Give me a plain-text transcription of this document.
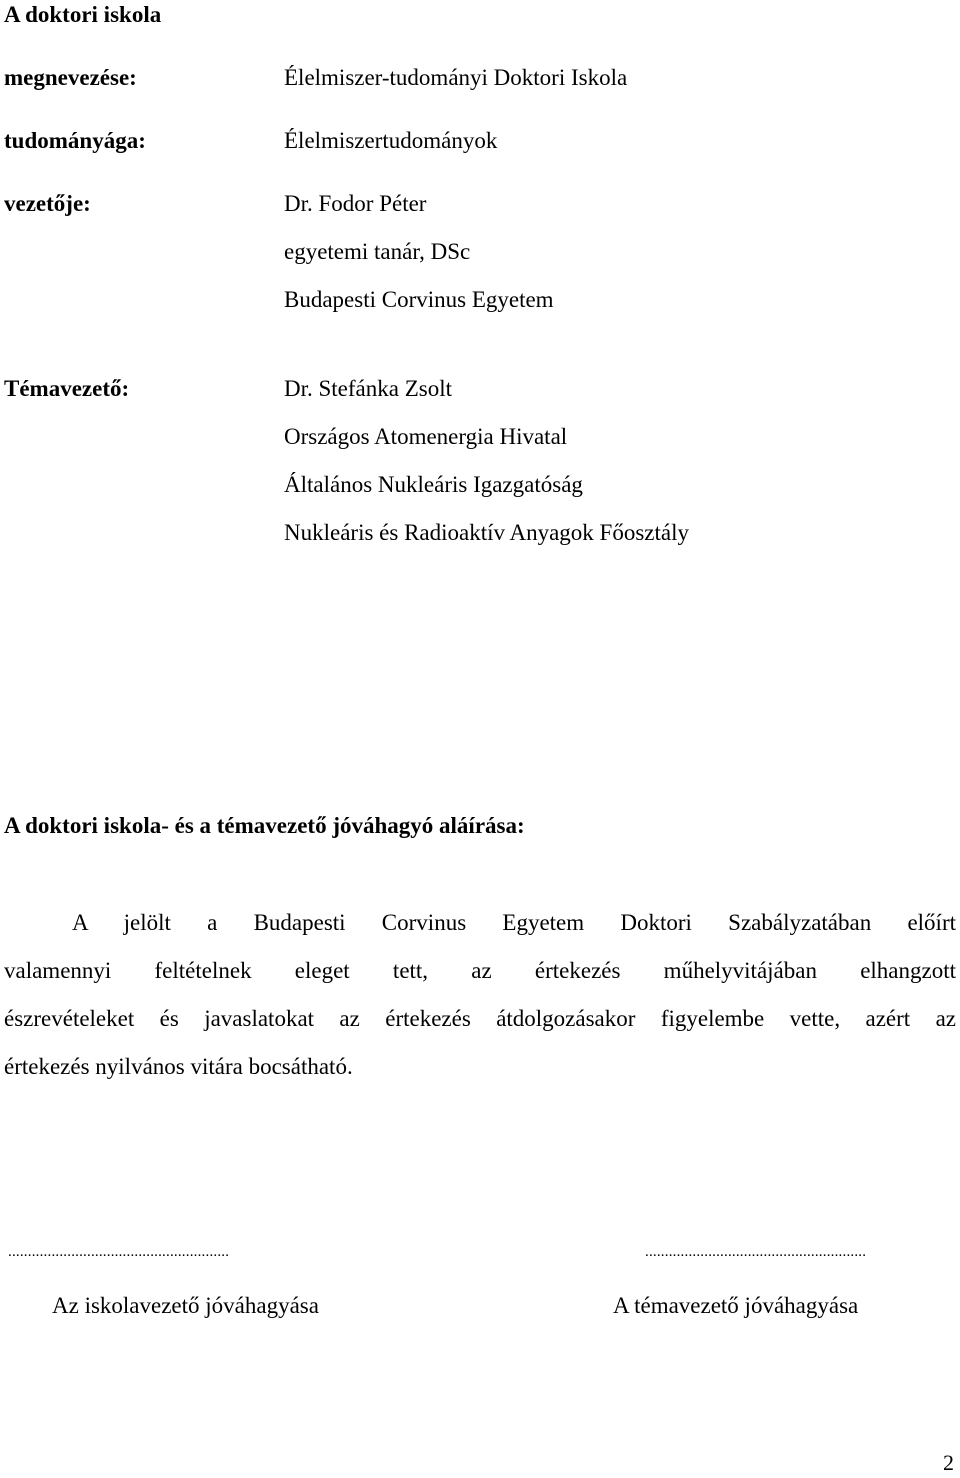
A doktori iskola
megnevezése:	Élelmiszer-tudományi Doktori Iskola
tudományága:	Élelmiszertudományok
vezetője:	Dr. Fodor Péter
egyetemi tanár, DSc
Budapesti Corvinus Egyetem
Témavezető:	Dr. Stefánka Zsolt
Országos Atomenergia Hivatal
Általános Nukleáris Igazgatóság
Nukleáris és Radioaktív Anyagok Főosztály
A doktori iskola- és a témavezető jóváhagyó aláírása:
A jelölt a Budapesti Corvinus Egyetem Doktori Szabályzatában előírt
valamennyi feltételnek eleget tett, az értekezés műhelyvitájában elhangzott
észrevételeket és javaslatokat az értekezés átdolgozásakor figyelembe vette, azért az
értekezés nyilvános vitára bocsátható.
........................................................
Az iskolavezető jóváhagyása
........................................................
A témavezető jóváhagyása
2
